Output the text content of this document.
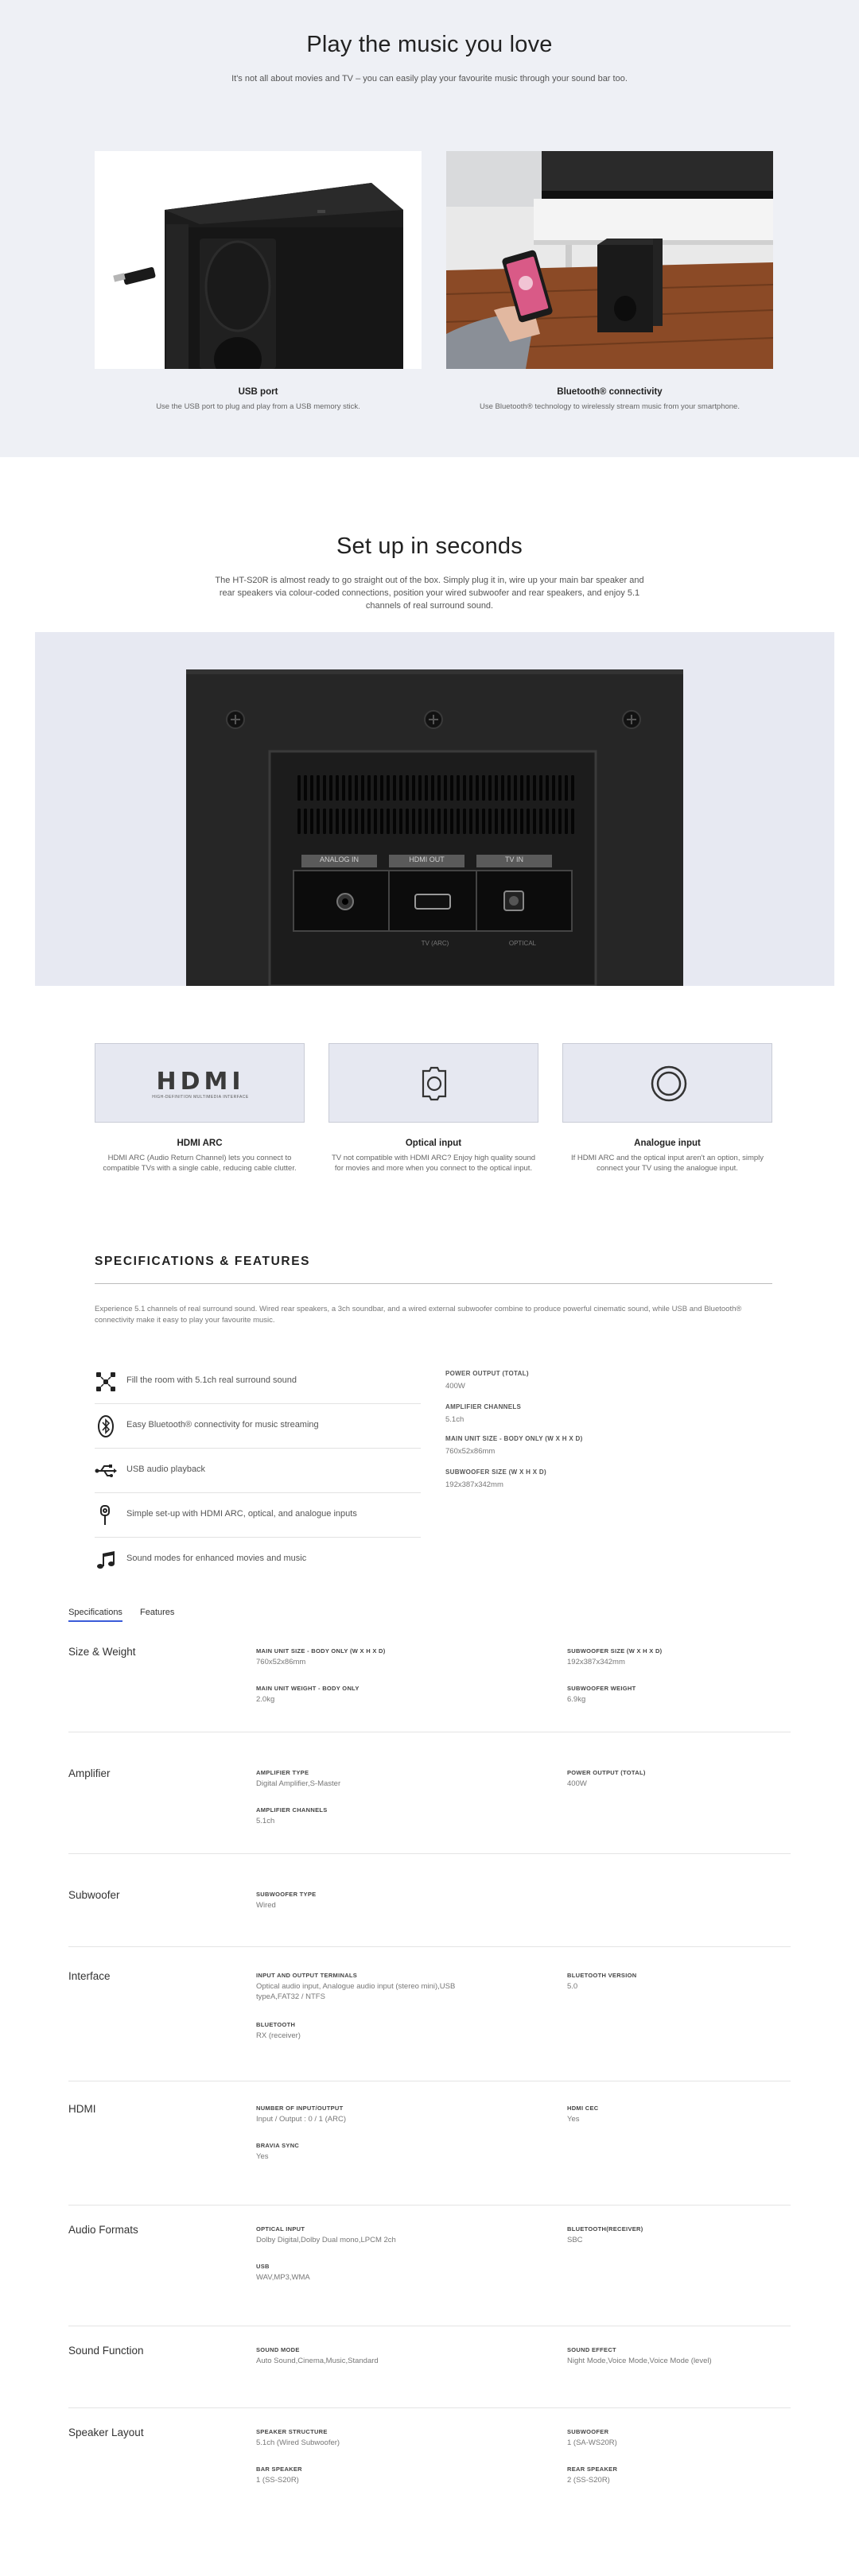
Play the music you love

It's not all about movies and TV – you can easily play your favourite music through your sound bar too.

USB port
Use the USB port to plug and play from a USB memory stick.
Bluetooth® connectivity
Use Bluetooth® technology to wirelessly stream music from your smartphone.
Set up in seconds

The HT-S20R is almost ready to go straight out of the box. Simply plug it in, wire up your main bar speaker and rear speakers via colour-coded connections, position your wired subwoofer and rear speakers, and enjoy 5.1 channels of real surround sound.

ANALOG IN	HDMI OUT	TV IN
TV (ARC)	OPTICAL
HDMI
HIGH-DEFINITION MULTIMEDIA INTERFACE
HDMI ARC
HDMI ARC (Audio Return Channel) lets you connect to compatible TVs with a single cable, reducing cable clutter.
Optical input
TV not compatible with HDMI ARC? Enjoy high quality sound for movies and more when you connect to the optical input.
Analogue input
If HDMI ARC and the optical input aren't an option, simply connect your TV using the analogue input.
SPECIFICATIONS & FEATURES

Experience 5.1 channels of real surround sound. Wired rear speakers, a 3ch soundbar, and a wired external subwoofer combine to produce powerful cinematic sound, while USB and Bluetooth® connectivity make it easy to play your favourite music.

Fill the room with 5.1ch real surround sound
Easy Bluetooth® connectivity for music streaming
USB audio playback
Simple set-up with HDMI ARC, optical, and analogue inputs
Sound modes for enhanced movies and music
POWER OUTPUT (TOTAL)
400W
AMPLIFIER CHANNELS
5.1ch
MAIN UNIT SIZE - BODY ONLY (W X H X D)
760x52x86mm
SUBWOOFER SIZE (W X H X D)
192x387x342mm
Specifications Features
Size & Weight	MAIN UNIT SIZE - BODY ONLY (W X H X D)
760x52x86mm
MAIN UNIT WEIGHT - BODY ONLY
2.0kg
SUBWOOFER SIZE (W X H X D)
192x387x342mm
SUBWOOFER WEIGHT
6.9kg
Amplifier	AMPLIFIER TYPE
Digital Amplifier,S-Master
AMPLIFIER CHANNELS
5.1ch
POWER OUTPUT (TOTAL)
400W
Subwoofer	SUBWOOFER TYPE
Wired
Interface	INPUT AND OUTPUT TERMINALS
Optical audio input, Analogue audio input (stereo mini),USB typeA,FAT32 / NTFS
BLUETOOTH
RX (receiver)
BLUETOOTH VERSION
5.0
HDMI	NUMBER OF INPUT/OUTPUT
Input / Output : 0 / 1 (ARC)
BRAVIA SYNC
Yes
HDMI CEC
Yes
Audio Formats	OPTICAL INPUT
Dolby Digital,Dolby Dual mono,LPCM 2ch
USB
WAV,MP3,WMA
BLUETOOTH(RECEIVER)
SBC
Sound Function	SOUND MODE
Auto Sound,Cinema,Music,Standard
SOUND EFFECT
Night Mode,Voice Mode,Voice Mode (level)
Speaker Layout	SPEAKER STRUCTURE
5.1ch (Wired Subwoofer)
BAR SPEAKER
1 (SS-S20R)
SUBWOOFER
1 (SA-WS20R)
REAR SPEAKER
2 (SS-S20R)
